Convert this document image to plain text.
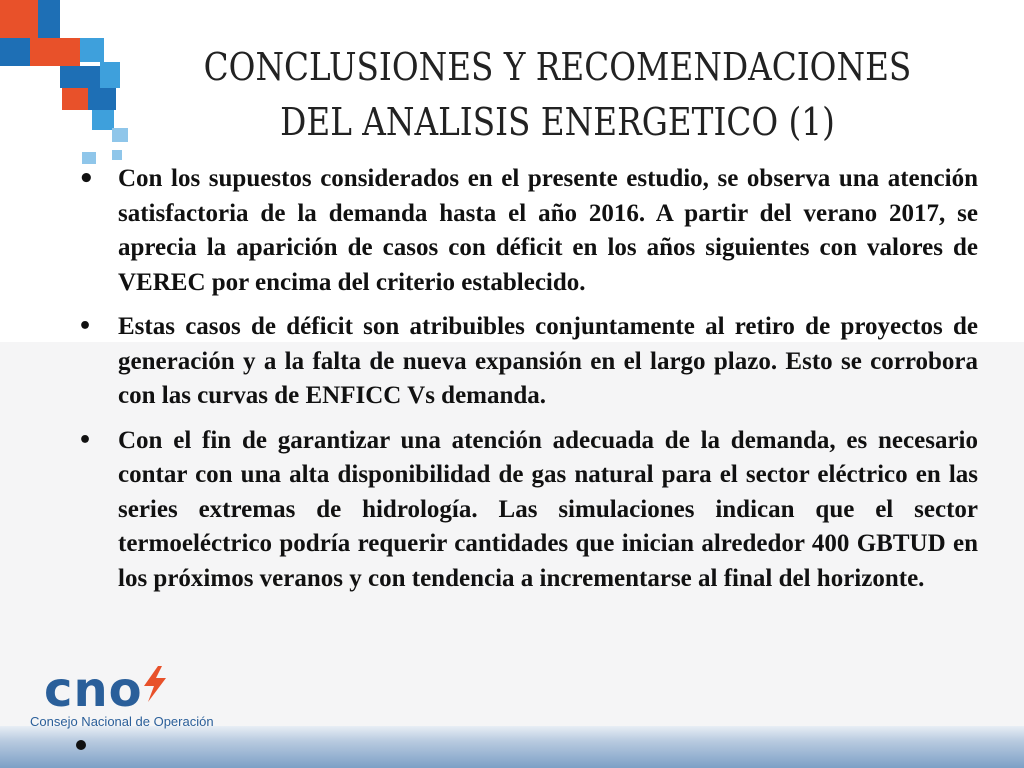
CONCLUSIONES Y RECOMENDACIONES
DEL ANALISIS ENERGETICO (1)
• Con los supuestos considerados en el presente estudio, se observa una atención satisfactoria de la demanda hasta el año 2016. A partir del verano 2017, se aprecia la aparición de casos con déficit en los años siguientes con valores de VEREC por encima del criterio establecido.
• Estas casos de déficit son atribuibles conjuntamente al retiro de proyectos de generación y a la falta de nueva expansión en el largo plazo. Esto se corrobora con las curvas de ENFICC Vs demanda.
• Con el fin de garantizar una atención adecuada de la demanda, es necesario contar con una alta disponibilidad de gas natural para el sector eléctrico en las series extremas de hidrología. Las simulaciones indican que el sector termoeléctrico podría requerir cantidades que inician alrededor 400 GBTUD en los próximos veranos y con tendencia a incrementarse al final del horizonte.
cno
Consejo Nacional de Operación
